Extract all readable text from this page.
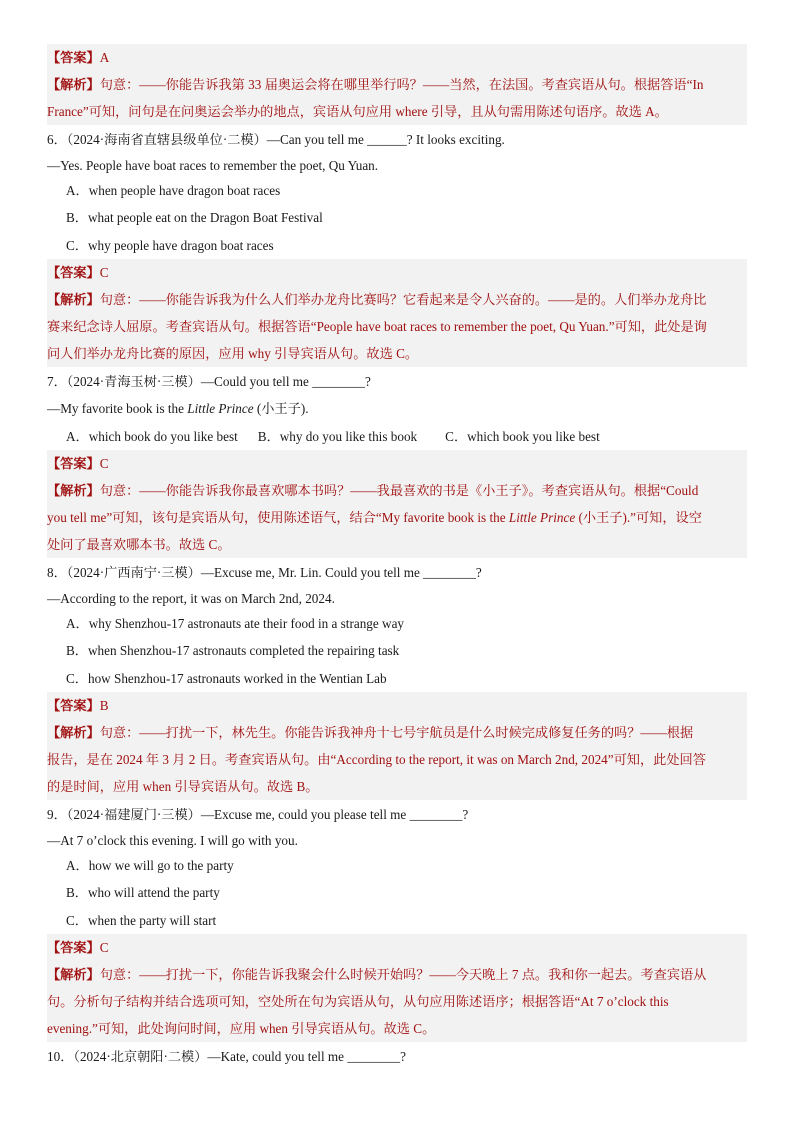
【答案】A
【解析】句意：——你能告诉我第 33 届奥运会将在哪里举行吗？——当然，在法国。考查宾语从句。根据答语“In
France”可知，问句是在问奥运会举办的地点，宾语从句应用 where 引导，且从句需用陈述句语序。故选 A。
6．（2024·海南省直辖县级单位·二模）—Can you tell me ______? It looks exciting.
—Yes. People have boat races to remember the poet, Qu Yuan.
A．when people have dragon boat races
B．what people eat on the Dragon Boat Festival
C．why people have dragon boat races
【答案】C
【解析】句意：——你能告诉我为什么人们举办龙舟比赛吗？它看起来是令人兴奋的。——是的。人们举办龙舟比
赛来纪念诗人屈原。考查宾语从句。根据答语“People have boat races to remember the poet, Qu Yuan.”可知，此处是询
问人们举办龙舟比赛的原因，应用 why 引导宾语从句。故选 C。
7．（2024·青海玉树·三模）—Could you tell me ________?
—My favorite book is the Little Prince (小王子).
A．which book do you like best B．why do you like this book C．which book you like best
【答案】C
【解析】句意：——你能告诉我你最喜欢哪本书吗？——我最喜欢的书是《小王子》。考查宾语从句。根据“Could
you tell me”可知，该句是宾语从句，使用陈述语气，结合“My favorite book is the Little Prince (小王子).”可知，设空
处问了最喜欢哪本书。故选 C。
8．（2024·广西南宁·三模）—Excuse me, Mr. Lin. Could you tell me ________?
—According to the report, it was on March 2nd, 2024.
A．why Shenzhou-17 astronauts ate their food in a strange way
B．when Shenzhou-17 astronauts completed the repairing task
C．how Shenzhou-17 astronauts worked in the Wentian Lab
【答案】B
【解析】句意：——打扰一下，林先生。你能告诉我神舟十七号宇航员是什么时候完成修复任务的吗？——根据
报告，是在 2024 年 3 月 2 日。考查宾语从句。由“According to the report, it was on March 2nd, 2024”可知，此处回答
的是时间，应用 when 引导宾语从句。故选 B。
9．（2024·福建厦门·三模）—Excuse me, could you please tell me ________?
—At 7 o’clock this evening. I will go with you.
A．how we will go to the party
B．who will attend the party
C．when the party will start
【答案】C
【解析】句意：——打扰一下，你能告诉我聚会什么时候开始吗？——今天晚上 7 点。我和你一起去。考查宾语从
句。分析句子结构并结合选项可知，空处所在句为宾语从句，从句应用陈述语序；根据答语“At 7 o’clock this
evening.”可知，此处询问时间，应用 when 引导宾语从句。故选 C。
10．（2024·北京朝阳·二模）—Kate, could you tell me ________?
